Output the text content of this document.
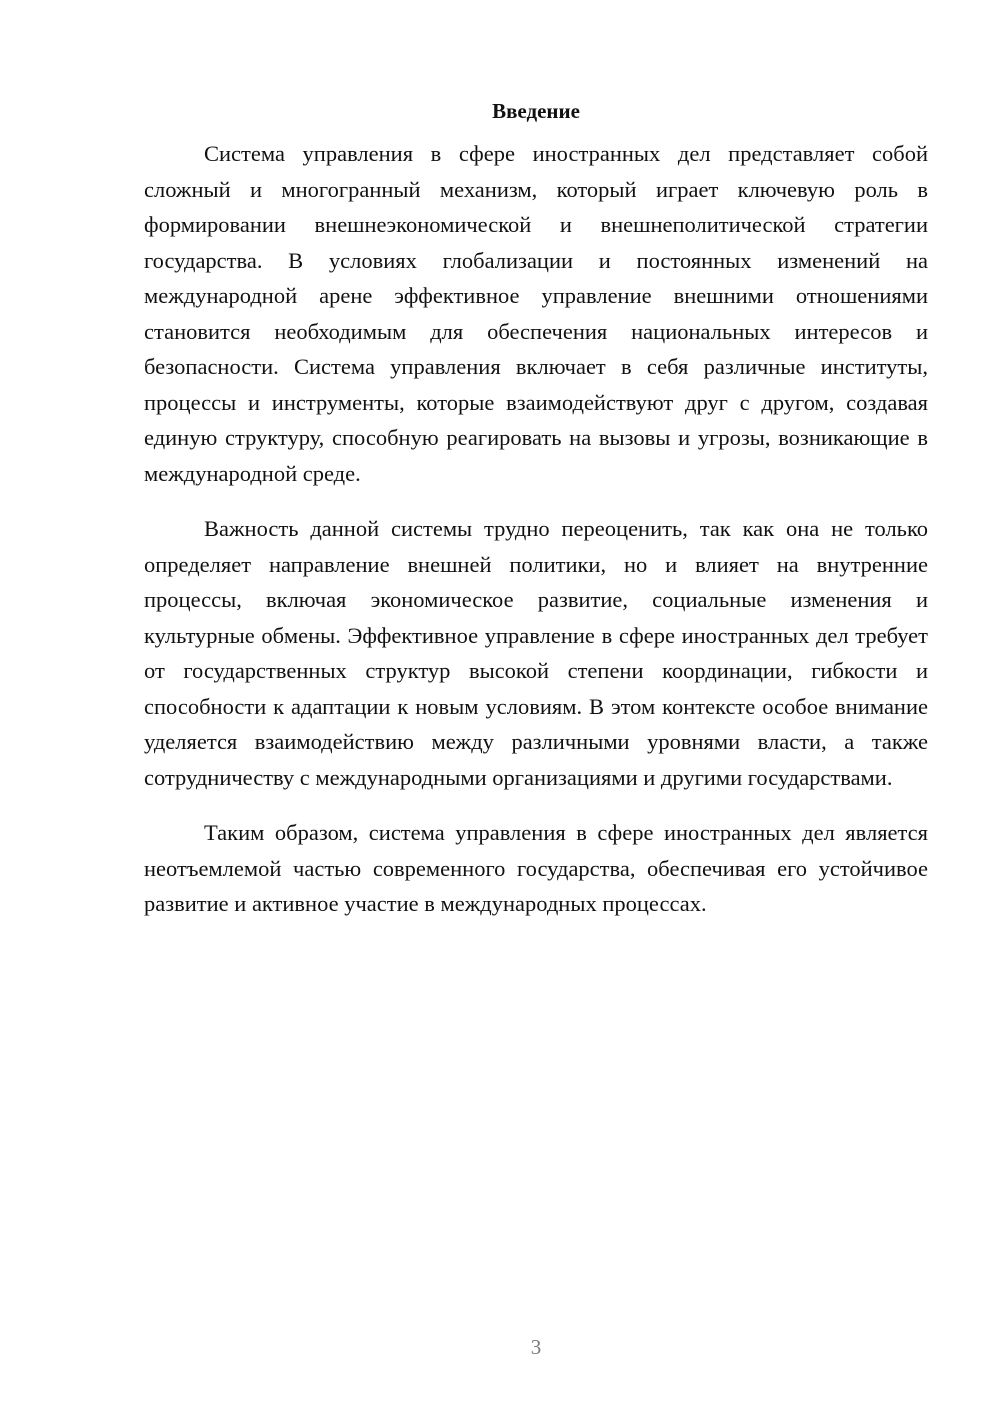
Введение

Система управления в сфере иностранных дел представляет собой сложный и многогранный механизм, который играет ключевую роль в формировании внешнеэкономической и внешнеполитической стратегии государства. В условиях глобализации и постоянных изменений на международной арене эффективное управление внешними отношениями становится необходимым для обеспечения национальных интересов и безопасности. Система управления включает в себя различные институты, процессы и инструменты, которые взаимодействуют друг с другом, создавая единую структуру, способную реагировать на вызовы и угрозы, возникающие в международной среде.

Важность данной системы трудно переоценить, так как она не только определяет направление внешней политики, но и влияет на внутренние процессы, включая экономическое развитие, социальные изменения и культурные обмены. Эффективное управление в сфере иностранных дел требует от государственных структур высокой степени координации, гибкости и способности к адаптации к новым условиям. В этом контексте особое внимание уделяется взаимодействию между различными уровнями власти, а также сотрудничеству с международными организациями и другими государствами.

Таким образом, система управления в сфере иностранных дел является неотъемлемой частью современного государства, обеспечивая его устойчивое развитие и активное участие в международных процессах.

3
